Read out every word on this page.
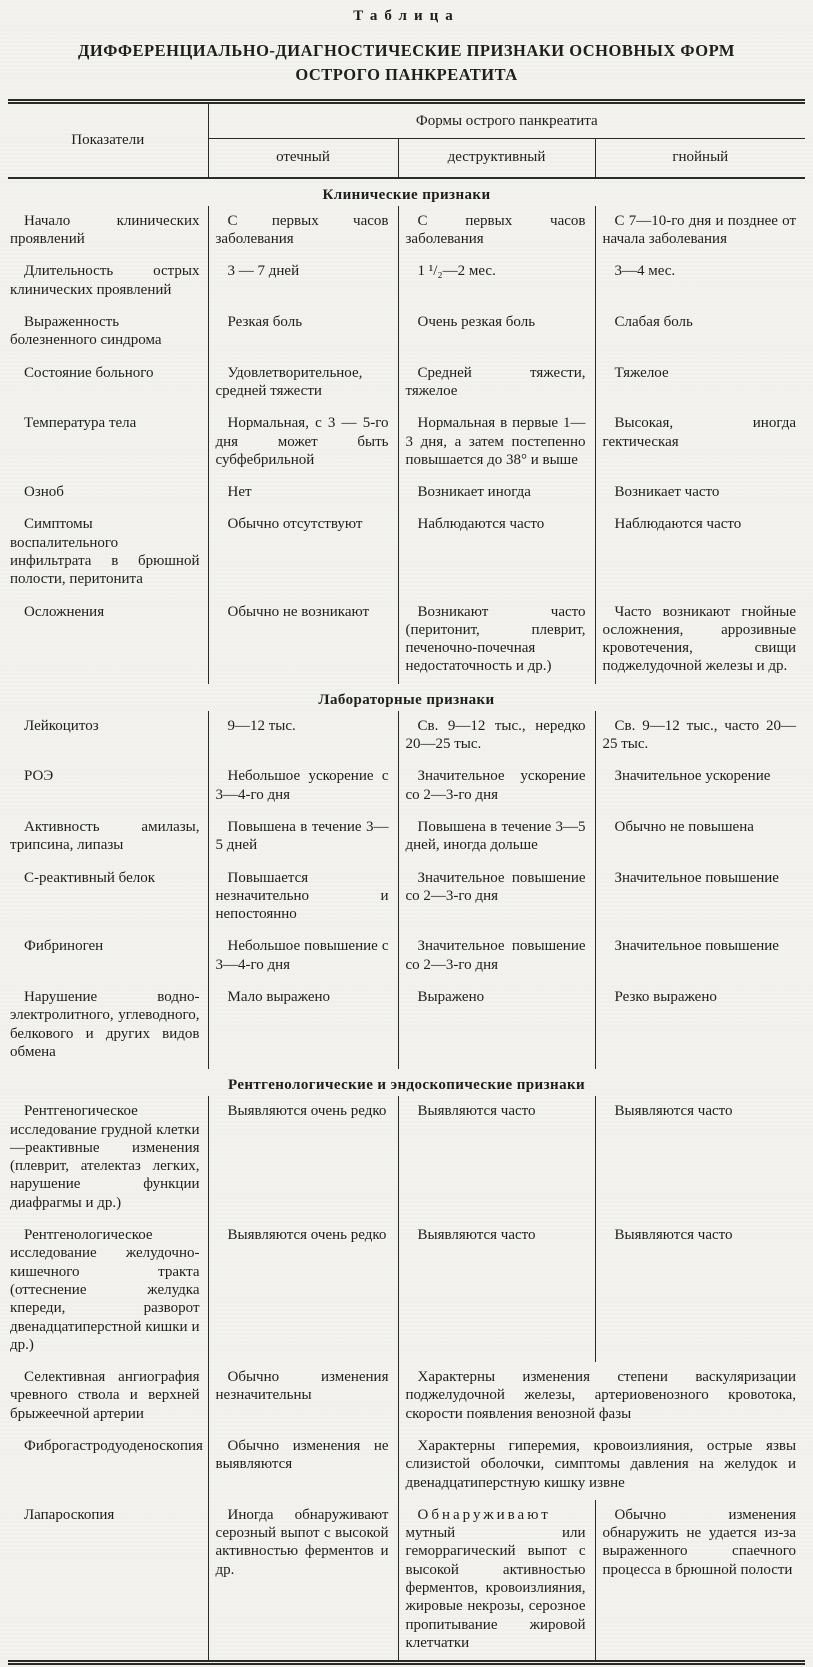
Таблица
ДИФФЕРЕНЦИАЛЬНО-ДИАГНОСТИЧЕСКИЕ ПРИЗНАКИ ОСНОВНЫХ ФОРМ
ОСТРОГО ПАНКРЕАТИТА
Показатели	Формы острого панкреатита		
	отечный	деструктивный	гнойный
Клинические признаки			
Начало клинических проявлений	С первых часов заболевания	С первых часов заболевания	С 7—10-го дня и позднее от начала заболевания
Длительность острых клинических проявлений	3 — 7 дней	1 ¹/₂—2 мес.	3—4 мес.
Выраженность болезненного синдрома	Резкая боль	Очень резкая боль	Слабая боль
Состояние больного	Удовлетворительное, средней тяжести	Средней тяжести, тяжелое	Тяжелое
Температура тела	Нормальная, с 3 — 5-го дня может быть субфебрильной	Нормальная в первые 1—3 дня, а затем постепенно повышается до 38° и выше	Высокая, иногда гектическая
Озноб	Нет	Возникает иногда	Возникает часто
Симптомы воспалительного инфильтрата в брюшной полости, перитонита	Обычно отсутствуют	Наблюдаются часто	Наблюдаются часто
Осложнения	Обычно не возникают	Возникают часто (перитонит, плеврит, печеночно-почечная недостаточность и др.)	Часто возникают гнойные осложнения, аррозивные кровотечения, свищи поджелудочной железы и др.
Лабораторные признаки			
Лейкоцитоз	9—12 тыс.	Св. 9—12 тыс., нередко 20—25 тыс.	Св. 9—12 тыс., часто 20—25 тыс.
РОЭ	Небольшое ускорение с 3—4-го дня	Значительное ускорение со 2—3-го дня	Значительное ускорение
Активность амилазы, трипсина, липазы	Повышена в течение 3—5 дней	Повышена в течение 3—5 дней, иногда дольше	Обычно не повышена
С-реактивный белок	Повышается незначительно и непостоянно	Значительное повышение со 2—3-го дня	Значительное повышение
Фибриноген	Небольшое повышение с 3—4-го дня	Значительное повышение со 2—3-го дня	Значительное повышение
Нарушение водно-электролитного, углеводного, белкового и других видов обмена	Мало выражено	Выражено	Резко выражено
Рентгенологические и эндоскопические признаки			
Рентгеногическое исследование грудной клетки—реактивные изменения (плеврит, ателектаз легких, нарушение функции диафрагмы и др.)	Выявляются очень редко	Выявляются часто	Выявляются часто
Рентгенологическое исследование желудочно-кишечного тракта (оттеснение желудка кпереди, разворот двенадцатиперстной кишки и др.)	Выявляются очень редко	Выявляются часто	Выявляются часто
Селективная ангиография чревного ствола и верхней брыжеечной артерии	Обычно изменения незначительны	Характерны изменения степени васкуляризации поджелудочной железы, артериовенозного кровотока, скорости появления венозной фазы	
Фиброгастродуоденоскопия	Обычно изменения не выявляются	Характерны гиперемия, кровоизлияния, острые язвы слизистой оболочки, симптомы давления на желудок и двенадцатиперстную кишку извне	
Лапароскопия	Иногда обнаруживают серозный выпот с высокой активностью ферментов и др.	Обнаруживают мутный или геморрагический выпот с высокой активностью ферментов, кровоизлияния, жировые некрозы, серозное пропитывание жировой клетчатки	Обычно изменения обнаружить не удается из-за выраженного спаечного процесса в брюшной полости
